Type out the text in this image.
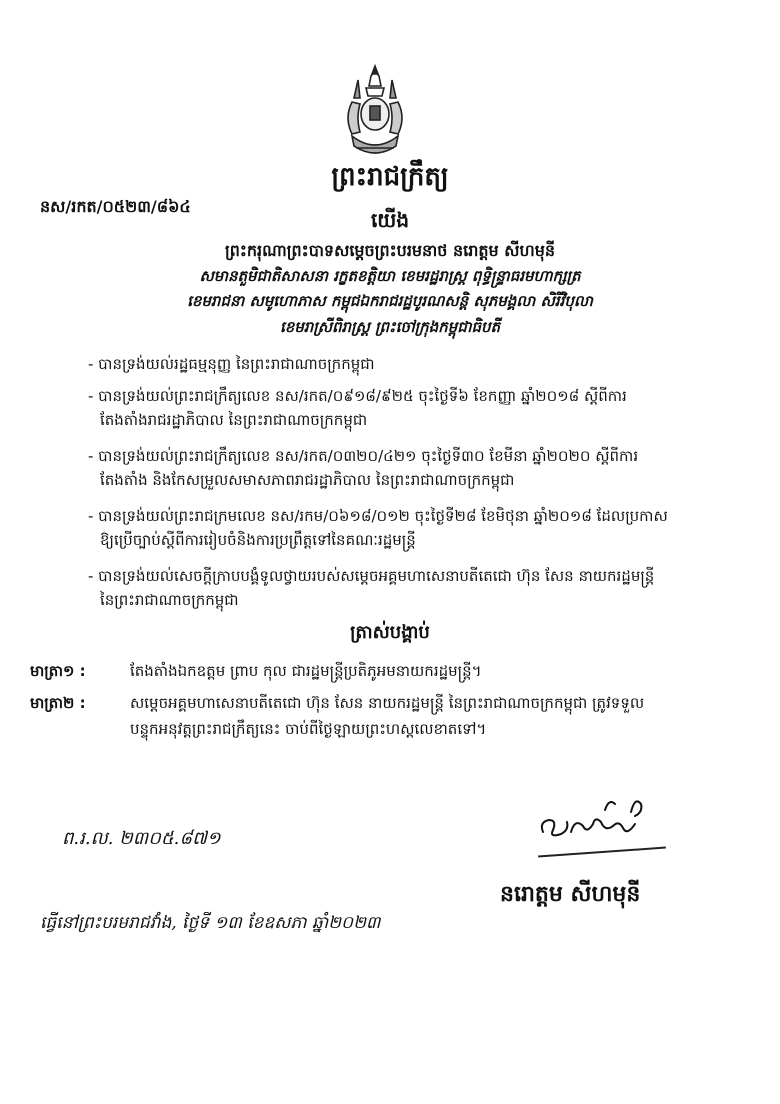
ព្រះរាជក្រឹត្យ
នស/រកត/០៥២៣/៨៦៤
យើង
ព្រះករុណាព្រះបាទសម្តេចព្រះបរមនាថ នរោត្តម សីហមុនី
សមានតួមិជាតិសាសនា រក្ខតខត្តិយា ខេមរដ្ឋរាស្ត្រ ពុទ្ធិន្ទ្រាធរមហាក្សត្រ
ខេមរាជនា សមូហោភាស កម្ពុជឯករាជរដ្ឋបូរណសន្តិ សុភមង្គលា សិរីវិបុលា
ខេមរាស្រីពិរាស្ត្រ ព្រះចៅក្រុងកម្ពុជាធិបតី
- បានទ្រង់យល់រដ្ឋធម្មនុញ្ញ នៃព្រះរាជាណាចក្រកម្ពុជា
- បានទ្រង់យល់ព្រះរាជក្រឹត្យលេខ នស/រកត/០៩១៨/៩២៥ ចុះថ្ងៃទី៦ ខែកញ្ញា ឆ្នាំ២០១៨ ស្តីពីការ
តែងតាំងរាជរដ្ឋាភិបាល នៃព្រះរាជាណាចក្រកម្ពុជា
- បានទ្រង់យល់ព្រះរាជក្រឹត្យលេខ នស/រកត/០៣២០/៤២១ ចុះថ្ងៃទី៣០ ខែមីនា ឆ្នាំ២០២០ ស្តីពីការ
តែងតាំង និងកែសម្រួលសមាសភាពរាជរដ្ឋាភិបាល នៃព្រះរាជាណាចក្រកម្ពុជា
- បានទ្រង់យល់ព្រះរាជក្រមលេខ នស/រកម/០៦១៨/០១២ ចុះថ្ងៃទី២៨ ខែមិថុនា ឆ្នាំ២០១៨ ដែលប្រកាស
ឱ្យប្រើច្បាប់ស្តីពីការរៀបចំនិងការប្រព្រឹត្តទៅនៃគណៈរដ្ឋមន្ត្រី
- បានទ្រង់យល់សេចក្តីក្រាបបង្គំទូលថ្វាយរបស់សម្តេចអគ្គមហាសេនាបតីតេជោ ហ៊ុន សែន នាយករដ្ឋមន្ត្រី
នៃព្រះរាជាណាចក្រកម្ពុជា
ត្រាស់បង្គាប់
មាត្រា១ :	តែងតាំងឯកឧត្តម ព្រាប កុល ជារដ្ឋមន្ត្រីប្រតិភូអមនាយករដ្ឋមន្ត្រី។
មាត្រា២ :	សម្តេចអគ្គមហាសេនាបតីតេជោ ហ៊ុន សែន នាយករដ្ឋមន្ត្រី នៃព្រះរាជាណាចក្រកម្ពុជា ត្រូវទទួល
បន្ទុកអនុវត្តព្រះរាជក្រឹត្យនេះ ចាប់ពីថ្ងៃឡាយព្រះហស្តលេខាតទៅ។
ព.រ.ល. ២៣០៥.៨៧១
នរោត្តម សីហមុនី
ធ្វើនៅព្រះបរមរាជវាំង, ថ្ងៃទី ១៣ ខែឧសភា ឆ្នាំ២០២៣
